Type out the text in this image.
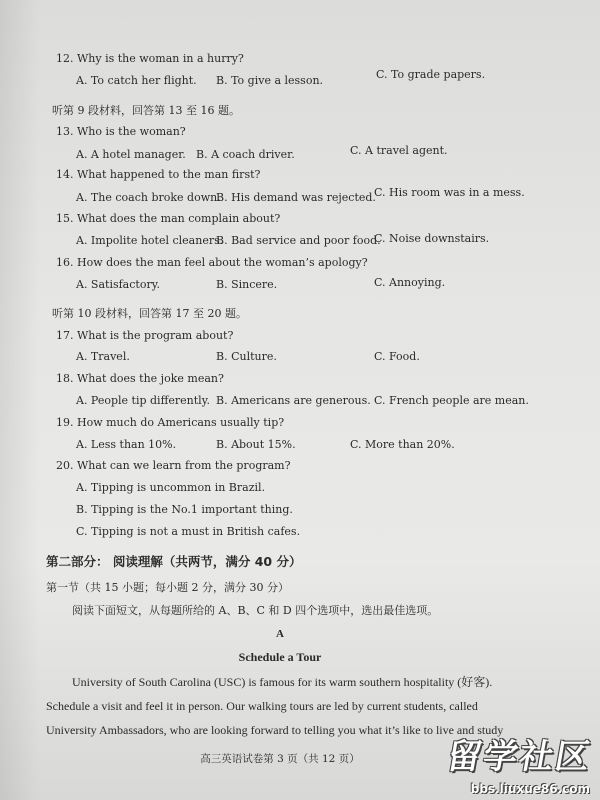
12. Why is the woman in a hurry?
A. To catch her flight. B. To give a lesson.	C. To grade papers.
听第 9 段材料，回答第 13 至 16 题。
13. Who is the woman?
A. A hotel manager. B. A coach driver.	C. A travel agent.
14. What happened to the man first?
A. The coach broke down.
B. His demand was rejected.
C. His room was in a mess.
15. What does the man complain about?
A. Impolite hotel cleaners.
B. Bad service and poor food.
C. Noise downstairs.
16. How does the man feel about the woman’s apology?
A. Satisfactory.	B. Sincere.	C. Annoying.
听第 10 段材料，回答第 17 至 20 题。
17. What is the program about?
A. Travel.	B. Culture.	C. Food.
18. What does the joke mean?
A. People tip differently. B. Americans are generous. C. French people are mean.
19. How much do Americans usually tip?
A. Less than 10%.	B. About 15%.	C. More than 20%.
20. What can we learn from the program?
A. Tipping is uncommon in Brazil.
B. Tipping is the No.1 important thing.
C. Tipping is not a must in British cafes.
第二部分： 阅读理解（共两节，满分 40 分）
第一节（共 15 小题；每小题 2 分，满分 30 分）
阅读下面短文，从每题所给的 A、B、C 和 D 四个选项中，选出最佳选项。
A
Schedule a Tour
University of South Carolina (USC) is famous for its warm southern hospitality (好客).
Schedule a visit and feel it in person. Our walking tours are led by current students, called
University Ambassadors, who are looking forward to telling you what it’s like to live and study
高三英语试卷第 3 页（共 12 页）	留学社区
bbs.liuxue86.com
